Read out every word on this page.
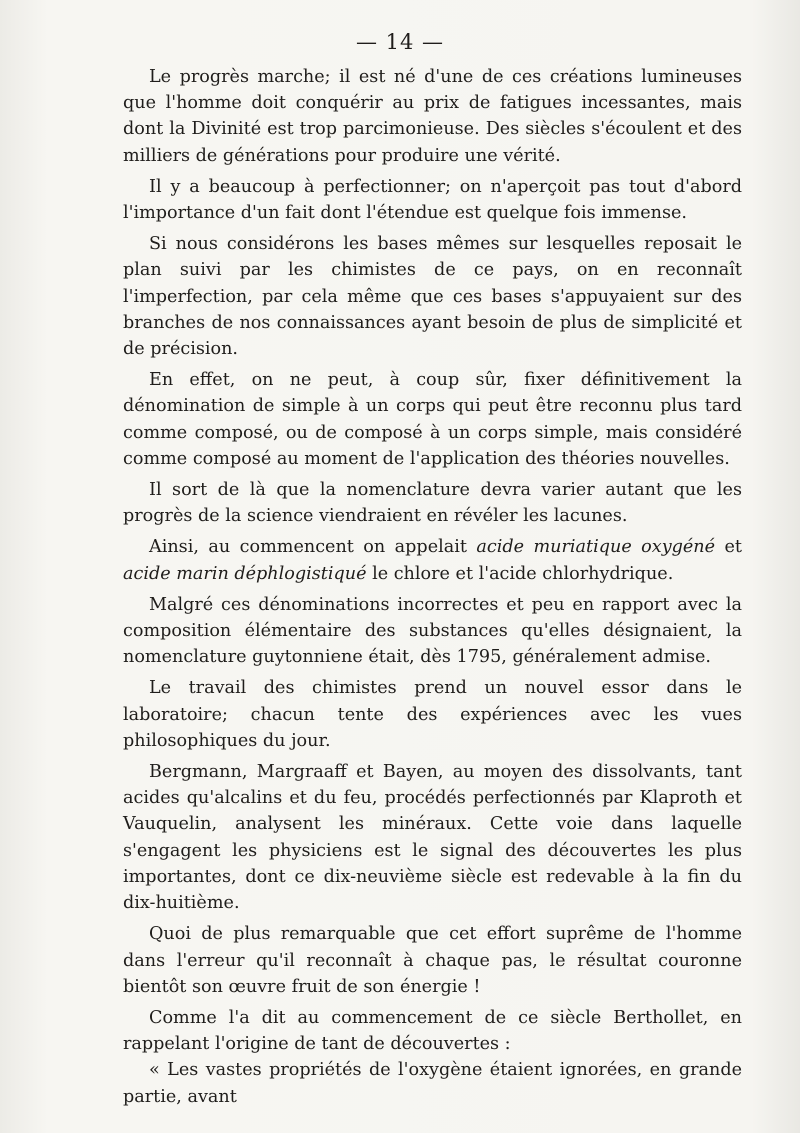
— 14 —

Le progrès marche; il est né d'une de ces créations lumineuses que l'homme doit conquérir au prix de fatigues incessantes, mais dont la Divinité est trop parcimonieuse. Des siècles s'écoulent et des milliers de générations pour produire une vérité.

Il y a beaucoup à perfectionner; on n'aperçoit pas tout d'abord l'importance d'un fait dont l'étendue est quelque fois immense.

Si nous considérons les bases mêmes sur lesquelles reposait le plan suivi par les chimistes de ce pays, on en reconnaît l'imperfection, par cela même que ces bases s'appuyaient sur des branches de nos connaissances ayant besoin de plus de simplicité et de précision.

En effet, on ne peut, à coup sûr, fixer définitivement la dénomination de simple à un corps qui peut être reconnu plus tard comme composé, ou de composé à un corps simple, mais considéré comme composé au moment de l'application des théories nouvelles.

Il sort de là que la nomenclature devra varier autant que les progrès de la science viendraient en révéler les lacunes.

Ainsi, au commencent on appelait acide muriatique oxygéné et acide marin déphlogistiqué le chlore et l'acide chlorhydrique.

Malgré ces dénominations incorrectes et peu en rapport avec la composition élémentaire des substances qu'elles désignaient, la nomenclature guytonniene était, dès 1795, généralement admise.

Le travail des chimistes prend un nouvel essor dans le laboratoire; chacun tente des expériences avec les vues philosophiques du jour.

Bergmann, Margraaff et Bayen, au moyen des dissolvants, tant acides qu'alcalins et du feu, procédés perfectionnés par Klaproth et Vauquelin, analysent les minéraux. Cette voie dans laquelle s'engagent les physiciens est le signal des découvertes les plus importantes, dont ce dix-neuvième siècle est redevable à la fin du dix-huitième.

Quoi de plus remarquable que cet effort suprême de l'homme dans l'erreur qu'il reconnaît à chaque pas, le résultat couronne bientôt son œuvre fruit de son énergie !

Comme l'a dit au commencement de ce siècle Berthollet, en rappelant l'origine de tant de découvertes :

« Les vastes propriétés de l'oxygène étaient ignorées, en grande partie, avant
